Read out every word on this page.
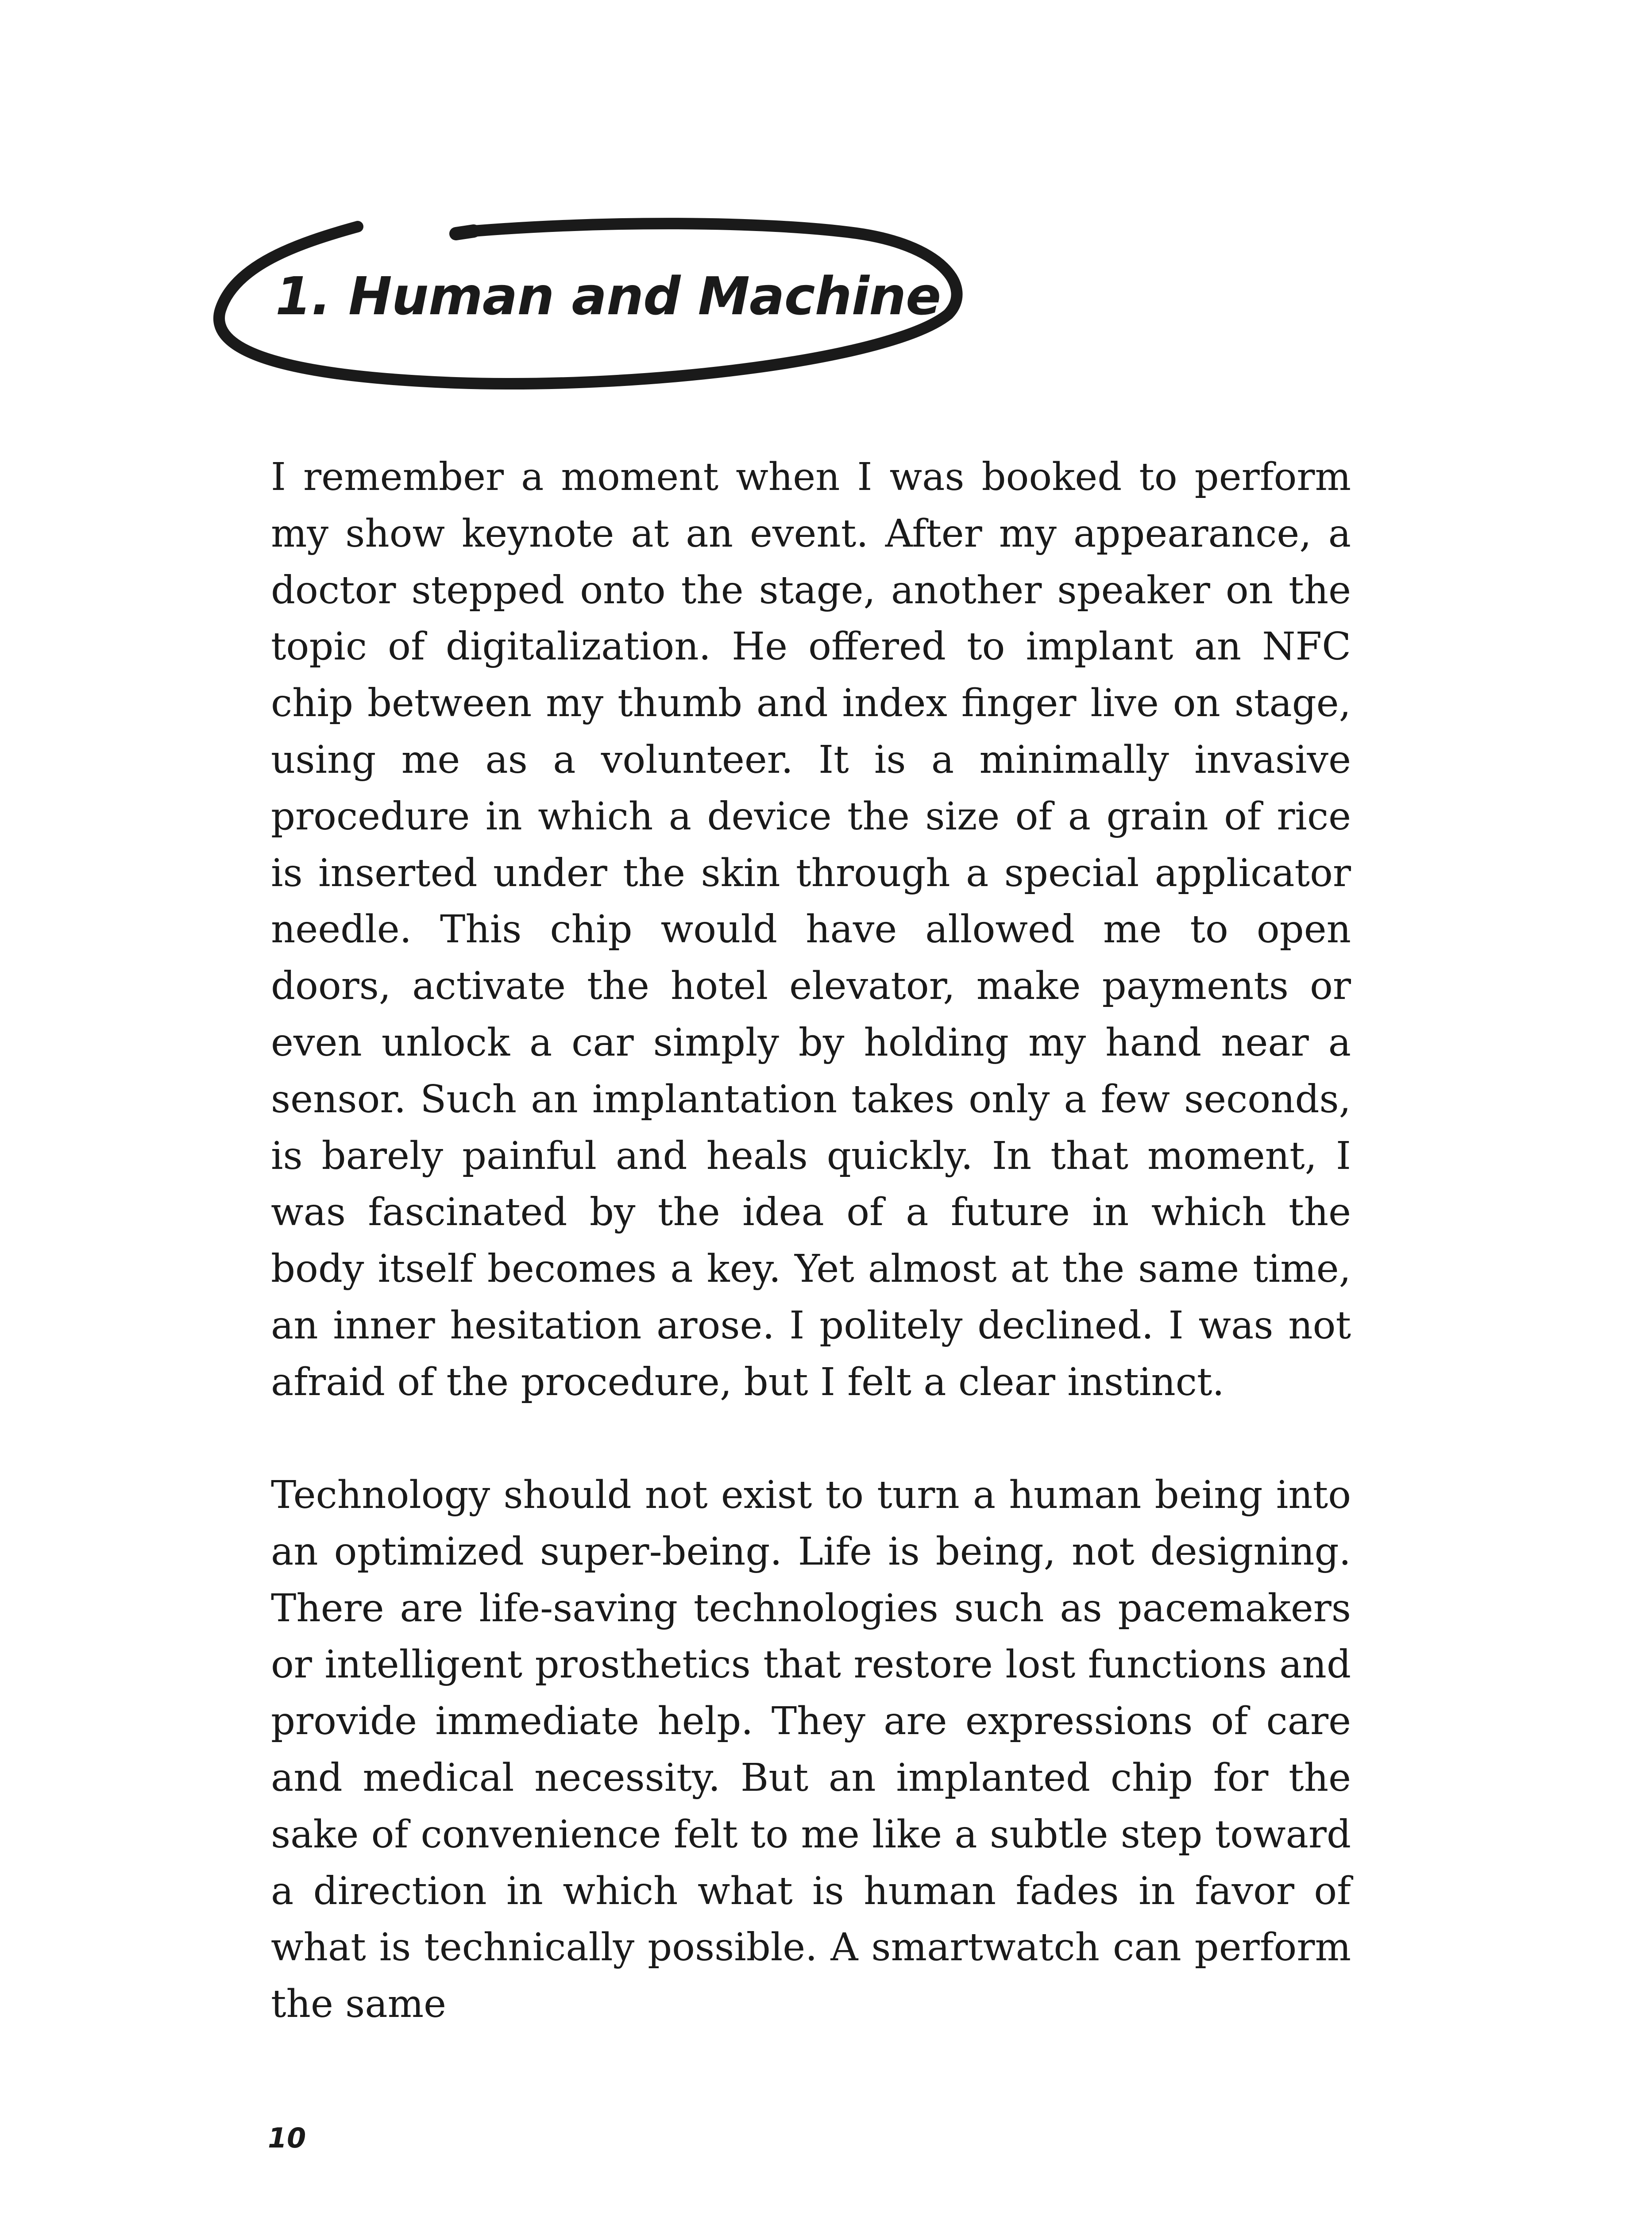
1. Human and Machine

I remember a moment when I was booked to perform my show keynote at an event. After my appearance, a doctor stepped onto the stage, another speaker on the topic of digitalization. He offered to implant an NFC chip between my thumb and index finger live on stage, using me as a volunteer. It is a minimally invasive procedure in which a device the size of a grain of rice is inserted under the skin through a special applicator needle. This chip would have allowed me to open doors, activate the hotel elevator, make payments or even unlock a car simply by holding my hand near a sensor. Such an implantation takes only a few seconds, is barely painful and heals quickly. In that moment, I was fascinated by the idea of a future in which the body itself becomes a key. Yet almost at the same time, an inner hesitation arose. I politely declined. I was not afraid of the procedure, but I felt a clear instinct.

Technology should not exist to turn a human being into an optimized super-being. Life is being, not designing. There are life-saving technologies such as pacemakers or intelligent prosthetics that restore lost functions and provide immediate help. They are expressions of care and medical necessity. But an implanted chip for the sake of convenience felt to me like a subtle step toward a direction in which what is human fades in favor of what is technically possible. A smartwatch can perform the same

10
